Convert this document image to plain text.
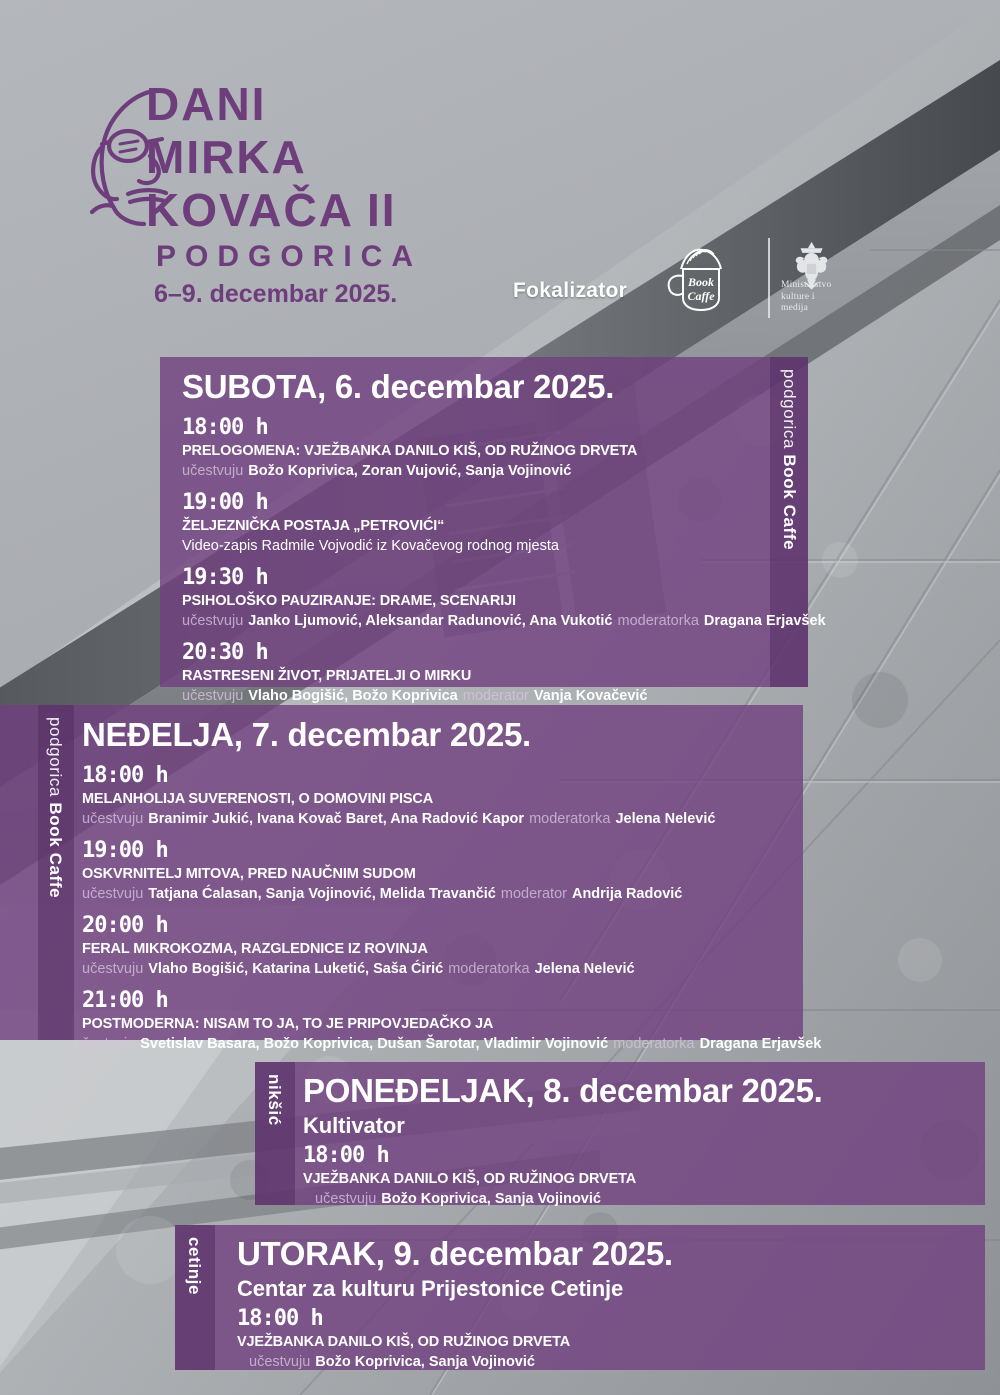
DANI
MIRKA
KOVAČA II
PODGORICA
6–9. decembar 2025.	Fokalizator	Book
Caffe
Ministarstvo
kulture i
medija
podgorica Book Caffe
SUBOTA, 6. decembar 2025.
18:00 h
PRELOGOMENA: VJEŽBANKA DANILO KIŠ, OD RUŽINOG DRVETA
učestvuju Božo Koprivica, Zoran Vujović, Sanja Vojinović
19:00 h
ŽELJEZNIČKA POSTAJA „PETROVIĆI“
Video-zapis Radmile Vojvodić iz Kovačevog rodnog mjesta
19:30 h
PSIHOLOŠKO PAUZIRANJE: DRAME, SCENARIJI
učestvuju Janko Ljumović, Aleksandar Radunović, Ana Vukotić moderatorka Dragana Erjavšek
20:30 h
RASTRESENI ŽIVOT, PRIJATELJI O MIRKU
učestvuju Vlaho Bogišić, Božo Koprivica moderator Vanja Kovačević
podgorica Book Caffe
NEĐELJA, 7. decembar 2025.
18:00 h
MELANHOLIJA SUVERENOSTI, O DOMOVINI PISCA
učestvuju Branimir Jukić, Ivana Kovač Baret, Ana Radović Kapor moderatorka Jelena Nelević
19:00 h
OSKVRNITELJ MITOVA, PRED NAUČNIM SUDOM
učestvuju Tatjana Ćalasan, Sanja Vojinović, Melida Travančić moderator Andrija Radović
20:00 h
FERAL MIKROKOZMA, RAZGLEDNICE IZ ROVINJA
učestvuju Vlaho Bogišić, Katarina Luketić, Saša Ćirić moderatorka Jelena Nelević
21:00 h
POSTMODERNA: NISAM TO JA, TO JE PRIPOVJEDAČKO JA
učestvuju Svetislav Basara, Božo Koprivica, Dušan Šarotar, Vladimir Vojinović moderatorka Dragana Erjavšek
nikšić PONEĐELJAK, 8. decembar 2025.
Kultivator
18:00 h
VJEŽBANKA DANILO KIŠ, OD RUŽINOG DRVETA
učestvuju Božo Koprivica, Sanja Vojinović
cetinje UTORAK, 9. decembar 2025.
Centar za kulturu Prijestonice Cetinje
18:00 h
VJEŽBANKA DANILO KIŠ, OD RUŽINOG DRVETA
učestvuju Božo Koprivica, Sanja Vojinović
